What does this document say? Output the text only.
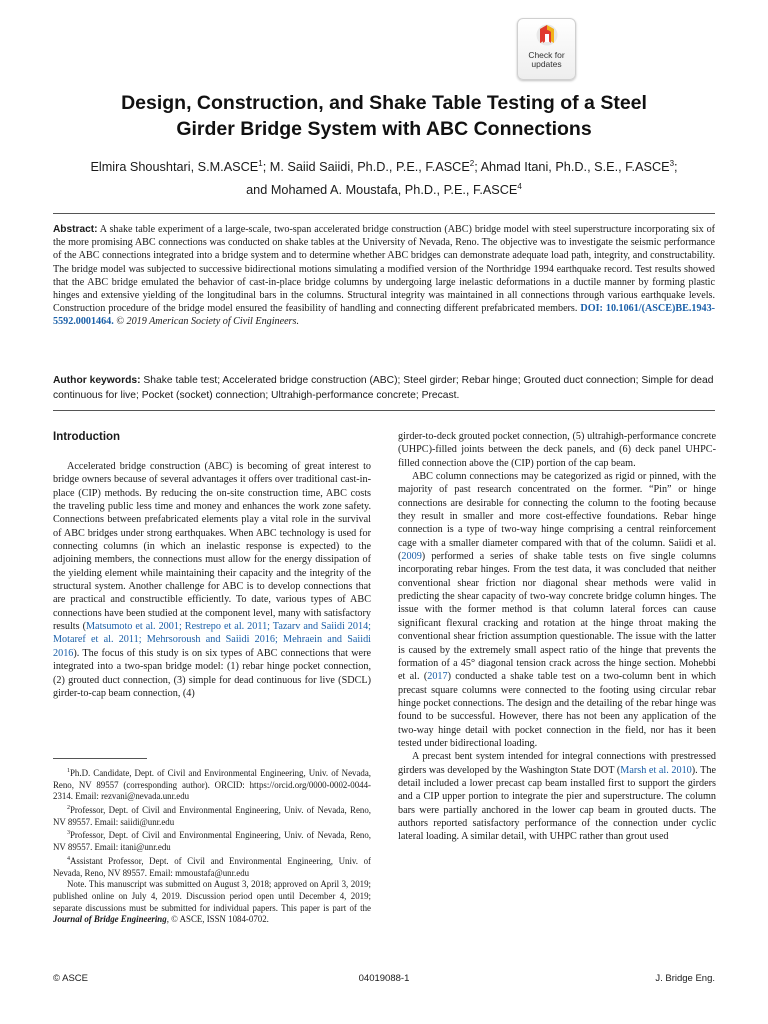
Check for
updates
Design, Construction, and Shake Table Testing of a Steel
Girder Bridge System with ABC Connections
Elmira Shoushtari, S.M.ASCE$^1$; M. Saiid Saiidi, Ph.D., P.E., F.ASCE$^2$; Ahmad Itani, Ph.D., S.E., F.ASCE$^3$;
and Mohamed A. Moustafa, Ph.D., P.E., F.ASCE$^4$
Abstract: A shake table experiment of a large-scale, two-span accelerated bridge construction (ABC) bridge model with steel superstructure incorporating six of the more promising ABC connections was conducted on shake tables at the University of Nevada, Reno. The objective was to investigate the seismic performance of the ABC connections integrated into a bridge system and to determine whether ABC bridges can demonstrate adequate load path, integrity, and constructability. The bridge model was subjected to successive bidirectional motions simulating a modified version of the Northridge 1994 earthquake record. Test results showed that the ABC bridge emulated the behavior of cast-in-place bridge columns by undergoing large inelastic deformations in a ductile manner by forming plastic hinges and extensive yielding of the longitudinal bars in the columns. Structural integrity was maintained in all connections through various earthquake levels. Construction procedure of the bridge model ensured the feasibility of handling and connecting different prefabricated members. DOI: 10.1061/(ASCE)BE.1943-5592.0001464. © 2019 American Society of Civil Engineers.
Author keywords: Shake table test; Accelerated bridge construction (ABC); Steel girder; Rebar hinge; Grouted duct connection; Simple for dead continuous for live; Pocket (socket) connection; Ultrahigh-performance concrete; Precast.
Introduction

Accelerated bridge construction (ABC) is becoming of great interest to bridge owners because of several advantages it offers over traditional cast-in-place (CIP) methods. By reducing the on-site construction time, ABC costs the traveling public less time and money and enhances the work zone safety. Connections between prefabricated elements play a vital role in the survival of ABC bridges under strong earthquakes. When ABC technology is used for connecting columns (in which an inelastic response is expected) to the adjoining members, the connections must allow for the energy dissipation of the yielding element while maintaining their capacity and the integrity of the structural system. Another challenge for ABC is to develop connections that are practical and constructible efficiently. To date, various types of ABC connections have been studied at the component level, many with satisfactory results (Matsumoto et al. 2001; Restrepo et al. 2011; Tazarv and Saiidi 2014; Motaref et al. 2011; Mehrsoroush and Saiidi 2016; Mehraein and Saiidi 2016). The focus of this study is on six types of ABC connections that were integrated into a two-span bridge model: (1) rebar hinge pocket connection, (2) grouted duct connection, (3) simple for dead continuous for live (SDCL) girder-to-cap beam connection, (4)

$^1$Ph.D. Candidate, Dept. of Civil and Environmental Engineering, Univ. of Nevada, Reno, NV 89557 (corresponding author). ORCID: https://orcid.org/0000-0002-0044-2314. Email: rezvani@nevada.unr.edu

$^2$Professor, Dept. of Civil and Environmental Engineering, Univ. of Nevada, Reno, NV 89557. Email: saiidi@unr.edu

$^3$Professor, Dept. of Civil and Environmental Engineering, Univ. of Nevada, Reno, NV 89557. Email: itani@unr.edu

$^4$Assistant Professor, Dept. of Civil and Environmental Engineering, Univ. of Nevada, Reno, NV 89557. Email: mmoustafa@unr.edu

Note. This manuscript was submitted on August 3, 2018; approved on April 3, 2019; published online on July 4, 2019. Discussion period open until December 4, 2019; separate discussions must be submitted for individual papers. This paper is part of the Journal of Bridge Engineering, © ASCE, ISSN 1084-0702.

girder-to-deck grouted pocket connection, (5) ultrahigh-performance concrete (UHPC)-filled joints between the deck panels, and (6) deck panel UHPC-filled connection above the (CIP) portion of the cap beam.

ABC column connections may be categorized as rigid or pinned, with the majority of past research concentrated on the former. “Pin” or hinge connections are desirable for connecting the column to the footing because they result in smaller and more cost-effective foundations. Rebar hinge connection is a type of two-way hinge comprising a central reinforcement cage with a smaller diameter compared with that of the column. Saiidi et al. (2009) performed a series of shake table tests on five single columns incorporating rebar hinges. From the test data, it was concluded that neither conventional shear friction nor diagonal shear methods were valid in predicting the shear capacity of two-way concrete bridge column hinges. The issue with the former method is that column lateral forces can cause significant flexural cracking and rotation at the hinge throat making the conventional shear friction assumption questionable. The issue with the latter is caused by the extremely small aspect ratio of the hinge that prevents the formation of a 45° diagonal tension crack across the hinge section. Mohebbi et al. (2017) conducted a shake table test on a two-column bent in which precast square columns were connected to the footing using circular rebar hinge pocket connections. The design and the detailing of the rebar hinge was found to be successful. However, there has not been any application of the two-way hinge detail with pocket connection in the field, nor has it been tested under bidirectional loading.

A precast bent system intended for integral connections with prestressed girders was developed by the Washington State DOT (Marsh et al. 2010). The detail included a lower precast cap beam installed first to support the girders and a CIP upper portion to integrate the pier and superstructure. The column bars were partially anchored in the lower cap beam in grouted ducts. The authors reported satisfactory performance of the connection under cyclic lateral loading. A similar detail, with UHPC rather than grout used

© ASCE	04019088-1	J. Bridge Eng.
